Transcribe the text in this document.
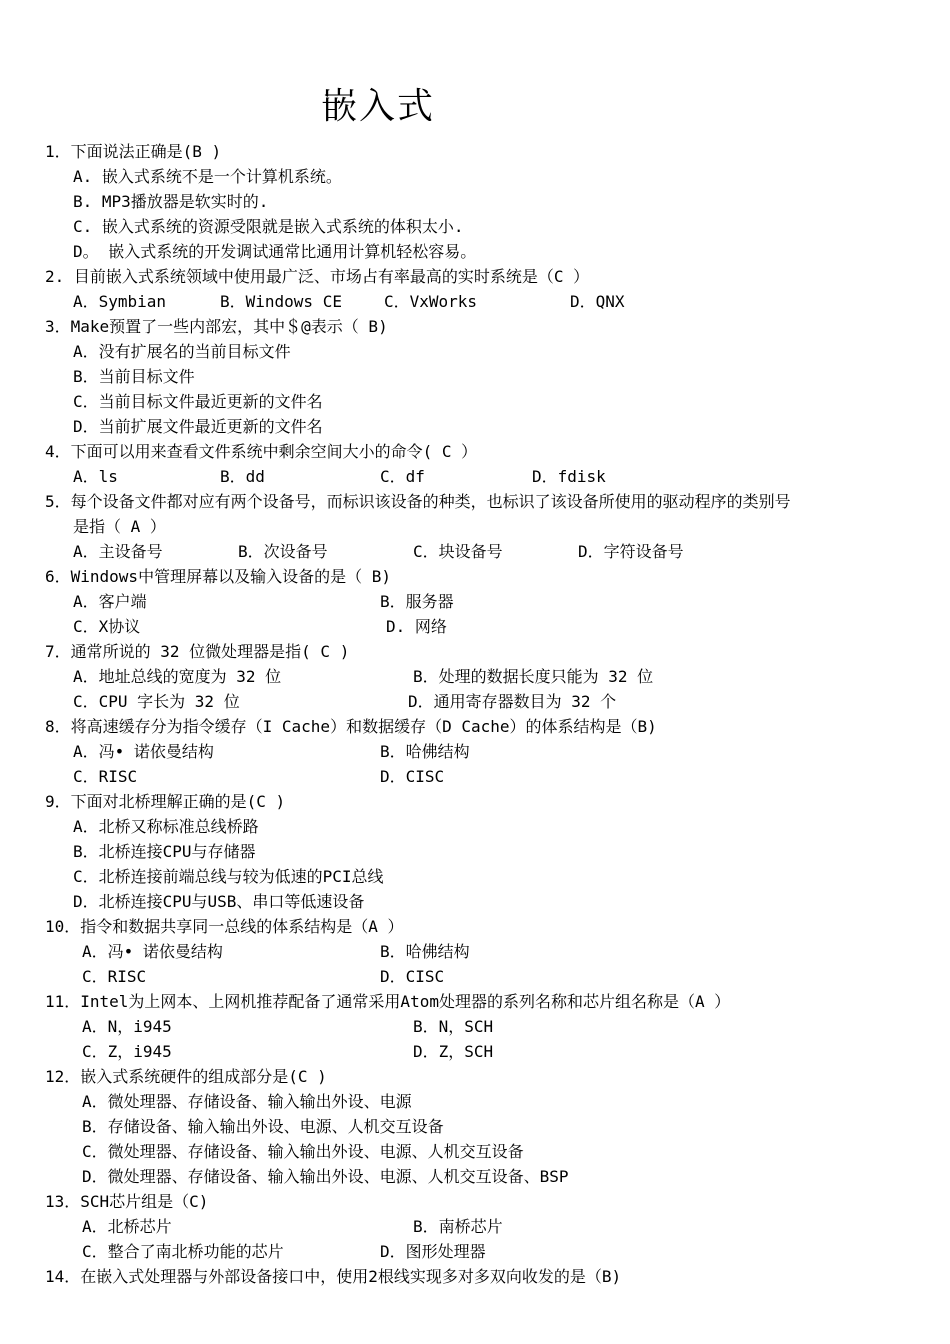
嵌入式
1．下面说法正确是(B )
A. 嵌入式系统不是一个计算机系统。
B. MP3播放器是软实时的.
C. 嵌入式系统的资源受限就是嵌入式系统的体积太小.
D。 嵌入式系统的开发调试通常比通用计算机轻松容易。
2. 目前嵌入式系统领域中使用最广泛、市场占有率最高的实时系统是（C ）
A．Symbian	B．Windows CE	C．VxWorks	D．QNX
3．Make预置了一些内部宏，其中＄@表示（ B)
A．没有扩展名的当前目标文件
B．当前目标文件
C．当前目标文件最近更新的文件名
D．当前扩展文件最近更新的文件名
4．下面可以用来查看文件系统中剩余空间大小的命令( C ）
A．ls	B．dd	C．df	D．fdisk
5．每个设备文件都对应有两个设备号，而标识该设备的种类，也标识了该设备所使用的驱动程序的类别号
是指（ A ）
A．主设备号	B．次设备号	C．块设备号	D．字符设备号
6．Windows中管理屏幕以及输入设备的是（ B)
A．客户端	B．服务器
C．X协议	D. 网络
7．通常所说的 32 位微处理器是指( C )
A．地址总线的宽度为 32 位	B．处理的数据长度只能为 32 位
C．CPU 字长为 32 位	D．通用寄存器数目为 32 个
8．将高速缓存分为指令缓存（I Cache）和数据缓存（D Cache）的体系结构是（B)
A．冯• 诺依曼结构	B．哈佛结构
C．RISC	D．CISC
9．下面对北桥理解正确的是(C )
A．北桥又称标准总线桥路
B．北桥连接CPU与存储器
C．北桥连接前端总线与较为低速的PCI总线
D．北桥连接CPU与USB、串口等低速设备
10．指令和数据共享同一总线的体系结构是（A ）
A．冯• 诺依曼结构	B．哈佛结构
C．RISC	D．CISC
11．Intel为上网本、上网机推荐配备了通常采用Atom处理器的系列名称和芯片组名称是（A ）
A．N，i945	B．N，SCH
C．Z，i945	D．Z，SCH
12．嵌入式系统硬件的组成部分是(C )
A．微处理器、存储设备、输入输出外设、电源
B．存储设备、输入输出外设、电源、人机交互设备
C．微处理器、存储设备、输入输出外设、电源、人机交互设备
D．微处理器、存储设备、输入输出外设、电源、人机交互设备、BSP
13．SCH芯片组是（C)
A．北桥芯片	B．南桥芯片
C．整合了南北桥功能的芯片	D．图形处理器
14．在嵌入式处理器与外部设备接口中，使用2根线实现多对多双向收发的是（B)
